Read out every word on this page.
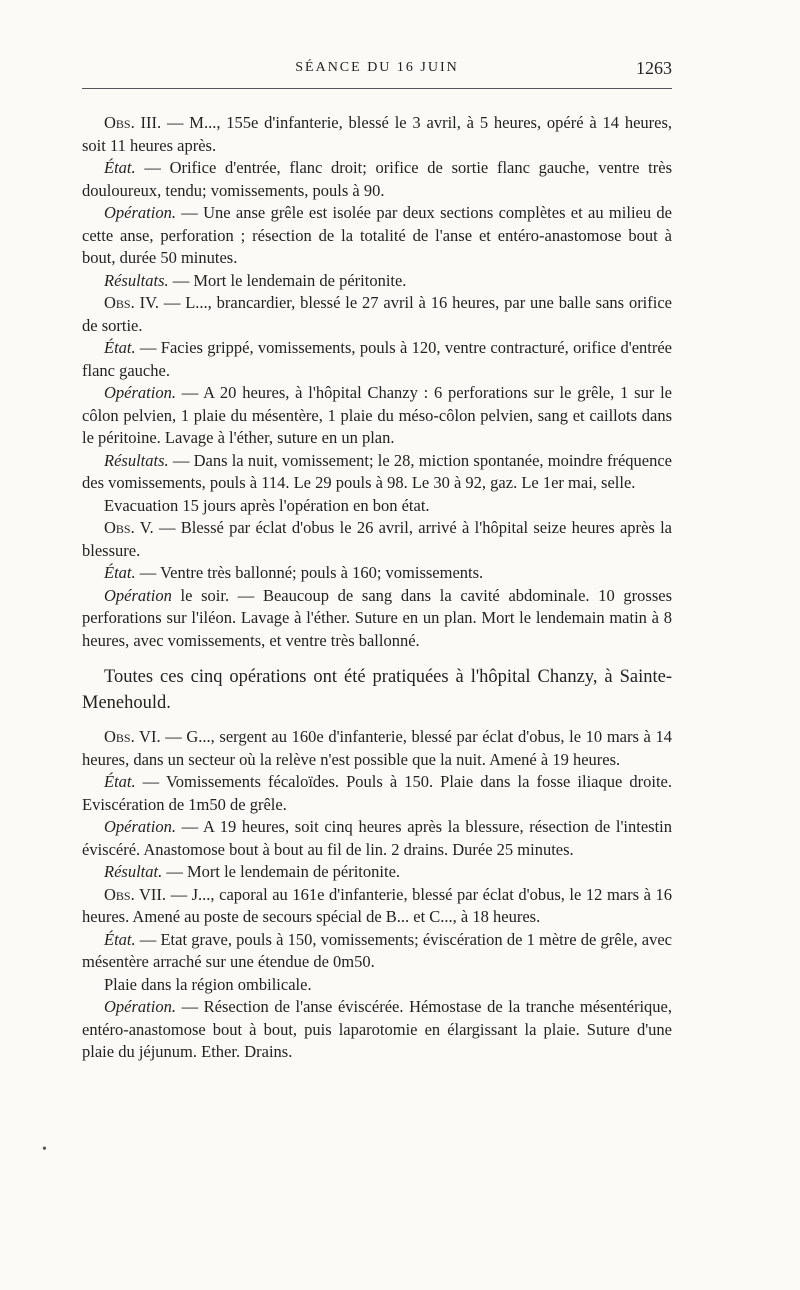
SÉANCE DU 16 JUIN	1263

Obs. III. — M..., 155e d'infanterie, blessé le 3 avril, à 5 heures, opéré à 14 heures, soit 11 heures après.

État. — Orifice d'entrée, flanc droit; orifice de sortie flanc gauche, ventre très douloureux, tendu; vomissements, pouls à 90.

Opération. — Une anse grêle est isolée par deux sections complètes et au milieu de cette anse, perforation ; résection de la totalité de l'anse et entéro-anastomose bout à bout, durée 50 minutes.

Résultats. — Mort le lendemain de péritonite.

Obs. IV. — L..., brancardier, blessé le 27 avril à 16 heures, par une balle sans orifice de sortie.

État. — Facies grippé, vomissements, pouls à 120, ventre contracturé, orifice d'entrée flanc gauche.

Opération. — A 20 heures, à l'hôpital Chanzy : 6 perforations sur le grêle, 1 sur le côlon pelvien, 1 plaie du mésentère, 1 plaie du méso-côlon pelvien, sang et caillots dans le péritoine. Lavage à l'éther, suture en un plan.

Résultats. — Dans la nuit, vomissement; le 28, miction spontanée, moindre fréquence des vomissements, pouls à 114. Le 29 pouls à 98. Le 30 à 92, gaz. Le 1er mai, selle.

Evacuation 15 jours après l'opération en bon état.

Obs. V. — Blessé par éclat d'obus le 26 avril, arrivé à l'hôpital seize heures après la blessure.

État. — Ventre très ballonné; pouls à 160; vomissements.

Opération le soir. — Beaucoup de sang dans la cavité abdominale. 10 grosses perforations sur l'iléon. Lavage à l'éther. Suture en un plan. Mort le lendemain matin à 8 heures, avec vomissements, et ventre très ballonné.

Toutes ces cinq opérations ont été pratiquées à l'hôpital Chanzy, à Sainte-Menehould.

Obs. VI. — G..., sergent au 160e d'infanterie, blessé par éclat d'obus, le 10 mars à 14 heures, dans un secteur où la relève n'est possible que la nuit. Amené à 19 heures.

État. — Vomissements fécaloïdes. Pouls à 150. Plaie dans la fosse iliaque droite. Eviscération de 1m50 de grêle.

Opération. — A 19 heures, soit cinq heures après la blessure, résection de l'intestin éviscéré. Anastomose bout à bout au fil de lin. 2 drains. Durée 25 minutes.

Résultat. — Mort le lendemain de péritonite.

Obs. VII. — J..., caporal au 161e d'infanterie, blessé par éclat d'obus, le 12 mars à 16 heures. Amené au poste de secours spécial de B... et C..., à 18 heures.

État. — Etat grave, pouls à 150, vomissements; éviscération de 1 mètre de grêle, avec mésentère arraché sur une étendue de 0m50.

Plaie dans la région ombilicale.

Opération. — Résection de l'anse éviscérée. Hémostase de la tranche mésentérique, entéro-anastomose bout à bout, puis laparotomie en élargissant la plaie. Suture d'une plaie du jéjunum. Ether. Drains.

•
